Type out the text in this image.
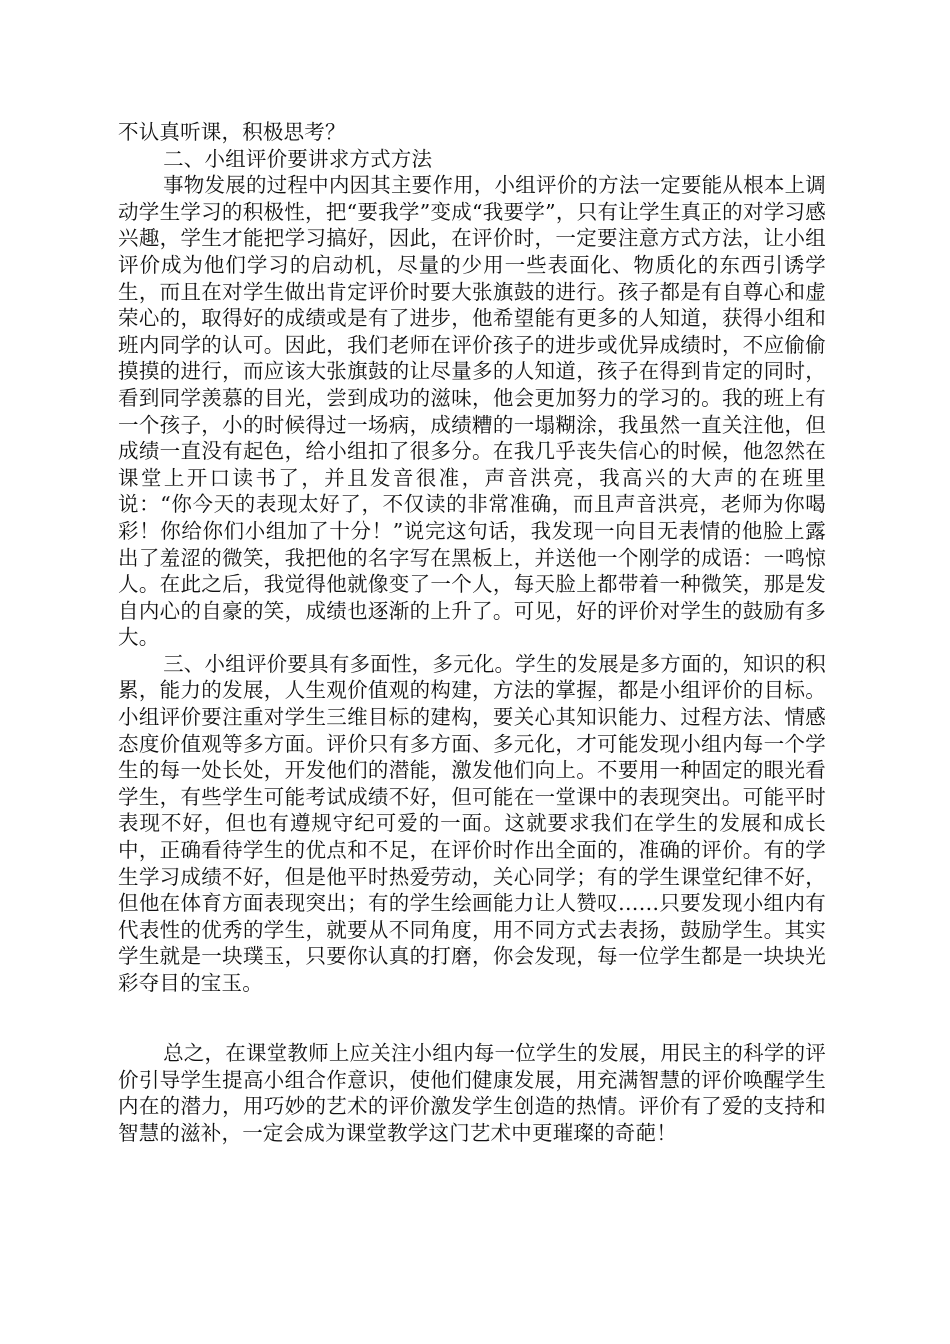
不认真听课，积极思考？

二、小组评价要讲求方式方法

事物发展的过程中内因其主要作用，小组评价的方法一定要能从根本上调动学生学习的积极性，把“要我学”变成“我要学”，只有让学生真正的对学习感兴趣，学生才能把学习搞好，因此，在评价时，一定要注意方式方法，让小组评价成为他们学习的启动机，尽量的少用一些表面化、物质化的东西引诱学生，而且在对学生做出肯定评价时要大张旗鼓的进行。孩子都是有自尊心和虚荣心的，取得好的成绩或是有了进步，他希望能有更多的人知道，获得小组和班内同学的认可。因此，我们老师在评价孩子的进步或优异成绩时，不应偷偷摸摸的进行，而应该大张旗鼓的让尽量多的人知道，孩子在得到肯定的同时，看到同学羡慕的目光，尝到成功的滋味，他会更加努力的学习的。我的班上有一个孩子，小的时候得过一场病，成绩糟的一塌糊涂，我虽然一直关注他，但成绩一直没有起色，给小组扣了很多分。在我几乎丧失信心的时候，他忽然在课堂上开口读书了，并且发音很准，声音洪亮，我高兴的大声的在班里说：“你今天的表现太好了，不仅读的非常准确，而且声音洪亮，老师为你喝彩！你给你们小组加了十分！”说完这句话，我发现一向目无表情的他脸上露出了羞涩的微笑，我把他的名字写在黑板上，并送他一个刚学的成语：一鸣惊人。在此之后，我觉得他就像变了一个人，每天脸上都带着一种微笑，那是发自内心的自豪的笑，成绩也逐渐的上升了。可见，好的评价对学生的鼓励有多大。

三、小组评价要具有多面性，多元化。学生的发展是多方面的，知识的积累，能力的发展，人生观价值观的构建，方法的掌握，都是小组评价的目标。小组评价要注重对学生三维目标的建构，要关心其知识能力、过程方法、情感态度价值观等多方面。评价只有多方面、多元化，才可能发现小组内每一个学生的每一处长处，开发他们的潜能，激发他们向上。不要用一种固定的眼光看学生，有些学生可能考试成绩不好，但可能在一堂课中的表现突出。可能平时表现不好，但也有遵规守纪可爱的一面。这就要求我们在学生的发展和成长中，正确看待学生的优点和不足，在评价时作出全面的，准确的评价。有的学生学习成绩不好，但是他平时热爱劳动，关心同学；有的学生课堂纪律不好，但他在体育方面表现突出；有的学生绘画能力让人赞叹……只要发现小组内有代表性的优秀的学生，就要从不同角度，用不同方式去表扬，鼓励学生。其实学生就是一块璞玉，只要你认真的打磨，你会发现，每一位学生都是一块块光彩夺目的宝玉。

总之，在课堂教师上应关注小组内每一位学生的发展，用民主的科学的评价引导学生提高小组合作意识，使他们健康发展，用充满智慧的评价唤醒学生内在的潜力，用巧妙的艺术的评价激发学生创造的热情。评价有了爱的支持和智慧的滋补，一定会成为课堂教学这门艺术中更璀璨的奇葩！
